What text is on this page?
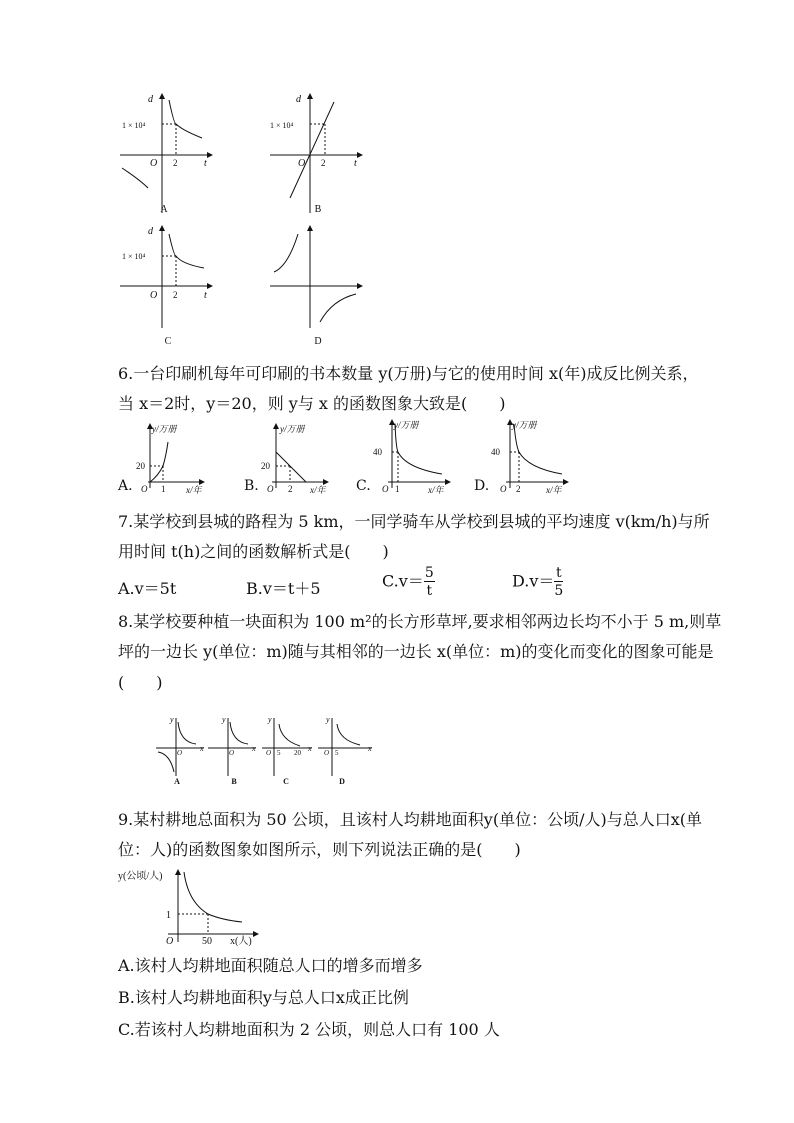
d
t
O
1 × 10⁴
2
A
d
t
O
1 × 10⁴
2
B
d
t
O
1 × 10⁴
2
C	D
6.一台印刷机每年可印刷的书本数量 y(万册)与它的使用时间 x(年)成反比例关系，
当 x＝2时，y＝20，则 y与 x 的函数图象大致是(　　)
A.
y/万册
x/年
O
20
1	B.
y/万册
x/年
O
20
2	C.
y/万册
x/年
O
40
1	D.
y/万册
x/年
O
40
2
7.某学校到县城的路程为 5 km，一同学骑车从学校到县城的平均速度 v(km/h)与所
用时间 t(h)之间的函数解析式是(　　)
A.v＝5t	B.v＝t＋5	$C.v= \frac{5}{t}$	$D.v= \frac{t}{5}$
8.某学校要种植一块面积为 100 m²的长方形草坪,要求相邻两边长均不小于 5 m,则草
坪的一边长 y(单位：m)随与其相邻的一边长 x(单位：m)的变化而变化的图象可能是
(　　)
y
x
O
A
y
x
O
B
y
x
O 5 20
C
y
x
O 5
D
9.某村耕地总面积为 50 公顷，且该村人均耕地面积y(单位：公顷/人)与总人口x(单
位：人)的函数图象如图所示，则下列说法正确的是(　　)
y(公顷/人)
x(人)
O
1
50
A.该村人均耕地面积随总人口的增多而增多
B.该村人均耕地面积y与总人口x成正比例
C.若该村人均耕地面积为 2 公顷，则总人口有 100 人
